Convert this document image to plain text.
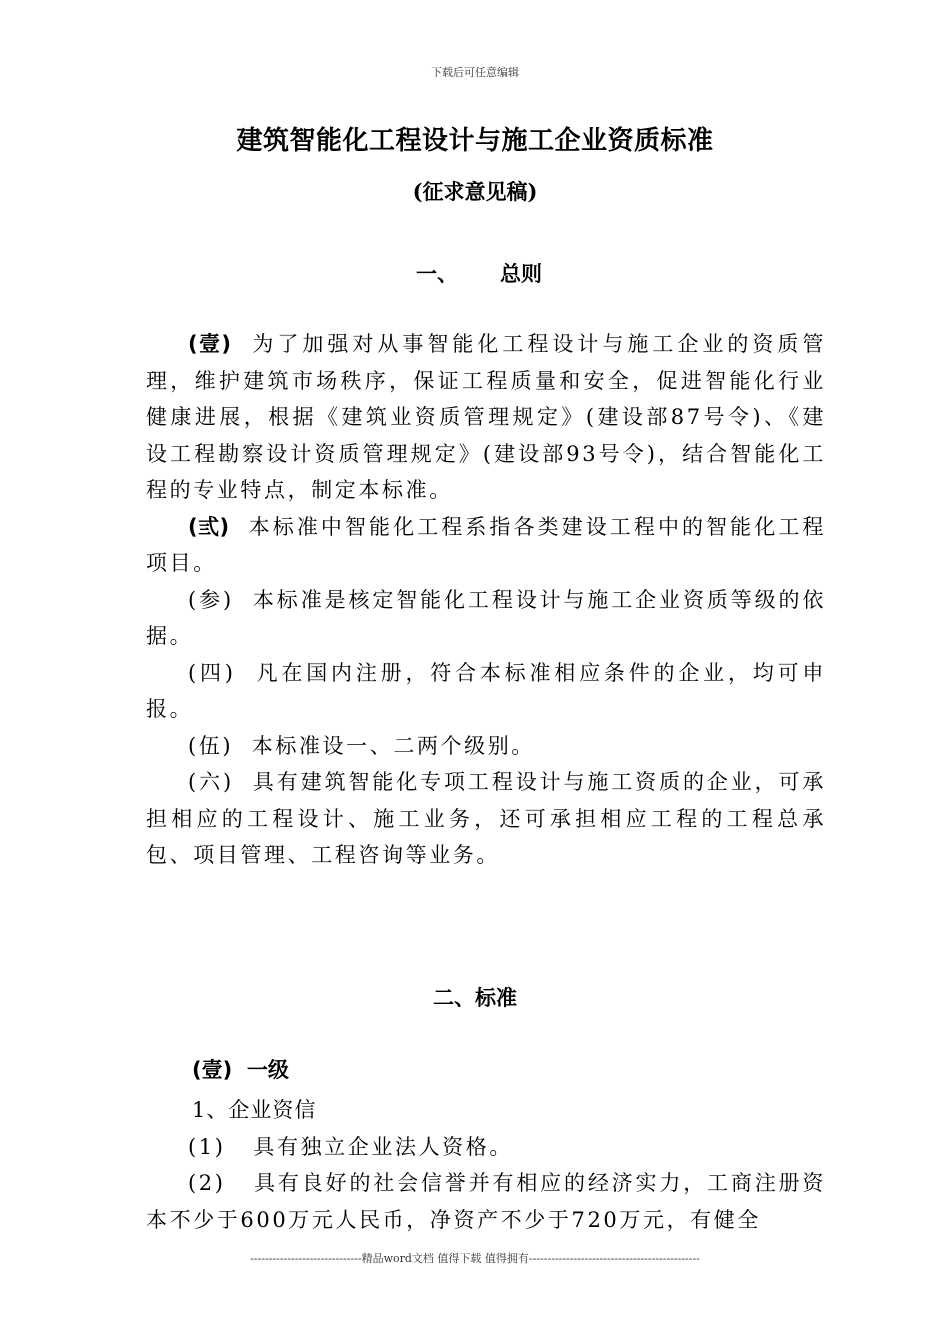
下载后可任意编辑
建筑智能化工程设计与施工企业资质标准
(征求意见稿)
一、 总则

(壹) 为了加强对从事智能化工程设计与施工企业的资质管理，维护建筑市场秩序，保证工程质量和安全，促进智能化行业健康进展，根据《建筑业资质管理规定》(建设部87号令)、《建设工程勘察设计资质管理规定》(建设部93号令)，结合智能化工程的专业特点，制定本标准。

(弎) 本标准中智能化工程系指各类建设工程中的智能化工程项目。

(参) 本标准是核定智能化工程设计与施工企业资质等级的依据。

(四) 凡在国内注册，符合本标准相应条件的企业，均可申报。

(伍) 本标准设一、二两个级别。

(六) 具有建筑智能化专项工程设计与施工资质的企业，可承担相应的工程设计、施工业务，还可承担相应工程的工程总承包、项目管理、工程咨询等业务。

二、标准
(壹) 一级

1、企业资信

(1) 具有独立企业法人资格。

(2) 具有良好的社会信誉并有相应的经济实力，工商注册资本不少于600万元人民币，净资产不少于720万元，有健全

------------------------------精品word文档 值得下载 值得拥有----------------------------------------------
